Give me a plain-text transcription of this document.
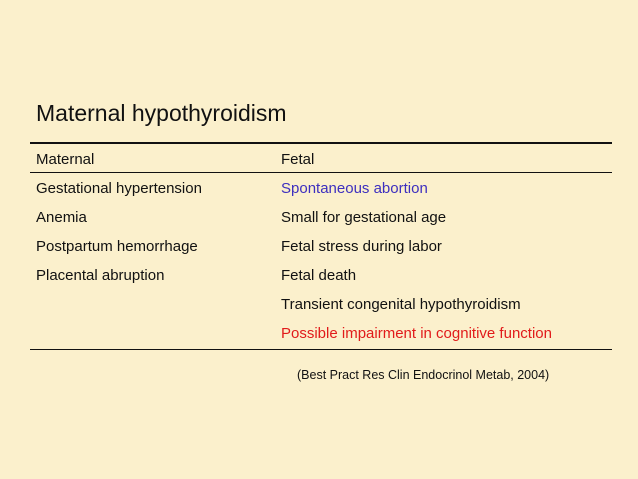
Maternal hypothyroidism
Maternal	Fetal
Gestational hypertension
Anemia
Postpartum hemorrhage
Placental abruption
Spontaneous abortion
Small for gestational age
Fetal stress during labor
Fetal death
Transient congenital hypothyroidism
Possible impairment in cognitive function
(Best Pract Res Clin Endocrinol Metab, 2004)
